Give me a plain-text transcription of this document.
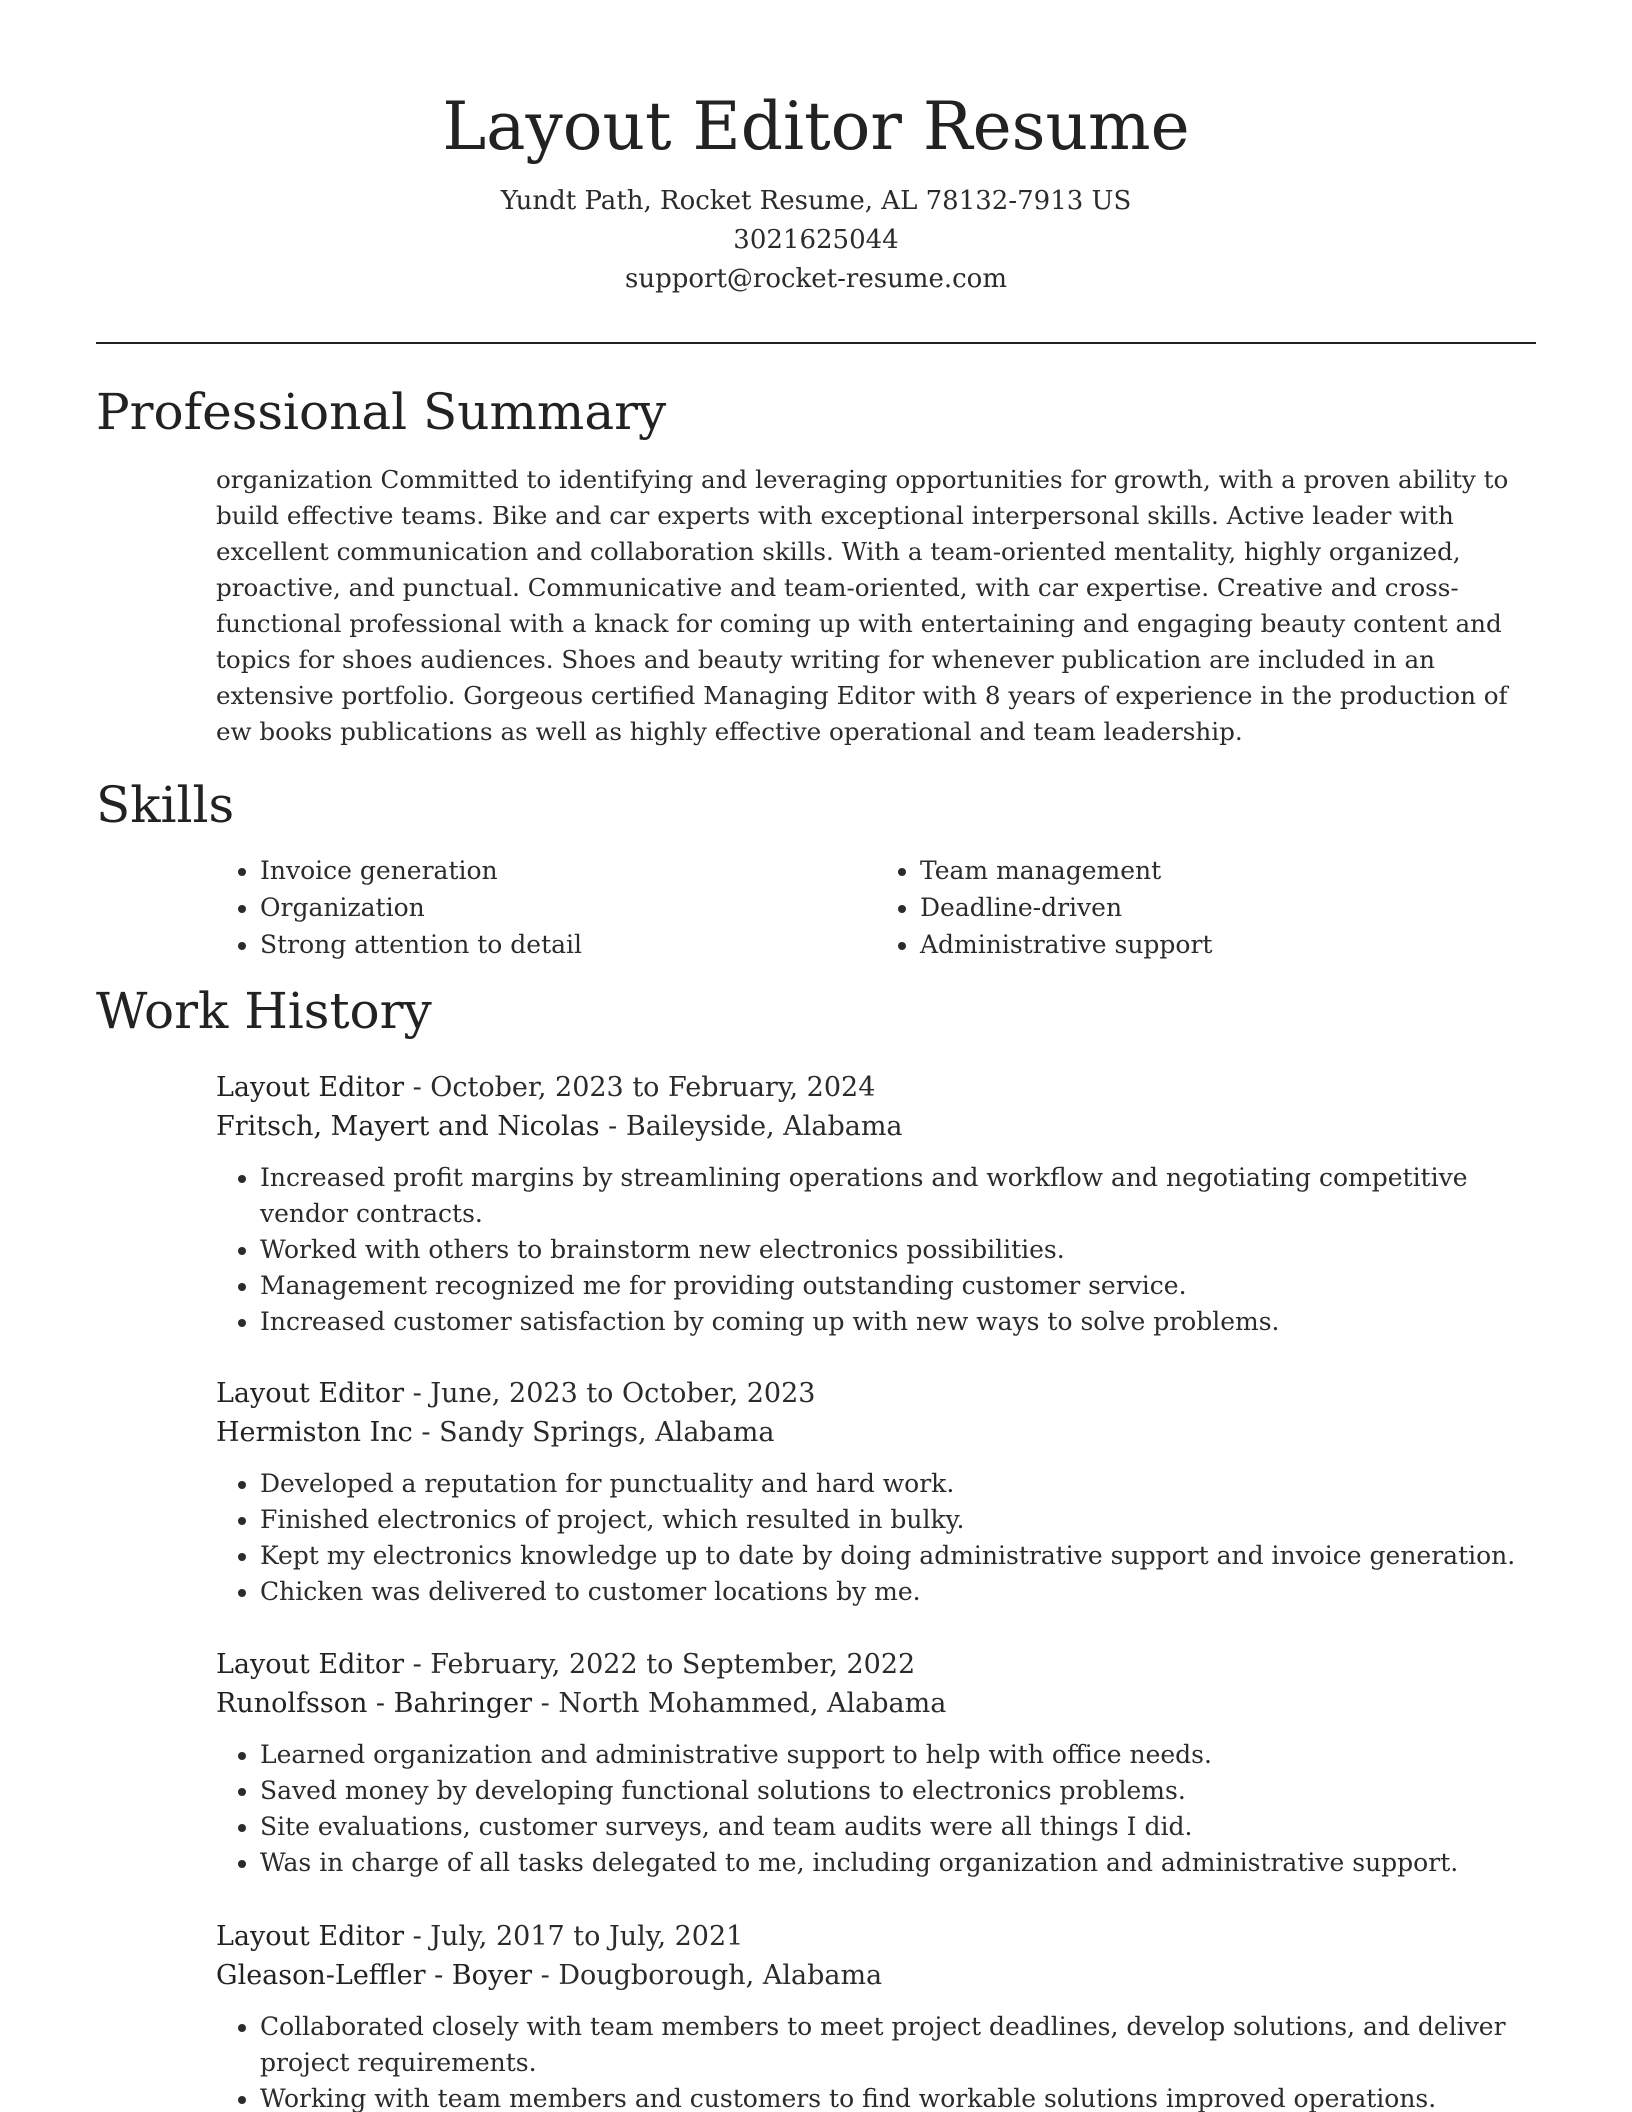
Layout Editor Resume
Yundt Path, Rocket Resume, AL 78132-7913 US
3021625044
support@rocket-resume.com
Professional Summary

organization Committed to identifying and leveraging opportunities for growth, with a proven ability to build effective teams. Bike and car experts with exceptional interpersonal skills. Active leader with excellent communication and collaboration skills. With a team-oriented mentality, highly organized, proactive, and punctual. Communicative and team-oriented, with car expertise. Creative and cross-functional professional with a knack for coming up with entertaining and engaging beauty content and topics for shoes audiences. Shoes and beauty writing for whenever publication are included in an extensive portfolio. Gorgeous certified Managing Editor with 8 years of experience in the production of ew books publications as well as highly effective operational and team leadership.

Skills
• Invoice generation
• Organization
• Strong attention to detail
• Team management
• Deadline-driven
• Administrative support
Work History

Layout Editor - October, 2023 to February, 2024

Fritsch, Mayert and Nicolas - Baileyside, Alabama

• Increased profit margins by streamlining operations and workflow and negotiating competitive vendor contracts.
• Worked with others to brainstorm new electronics possibilities.
• Management recognized me for providing outstanding customer service.
• Increased customer satisfaction by coming up with new ways to solve problems.

Layout Editor - June, 2023 to October, 2023

Hermiston Inc - Sandy Springs, Alabama

• Developed a reputation for punctuality and hard work.
• Finished electronics of project, which resulted in bulky.
• Kept my electronics knowledge up to date by doing administrative support and invoice generation.
• Chicken was delivered to customer locations by me.

Layout Editor - February, 2022 to September, 2022

Runolfsson - Bahringer - North Mohammed, Alabama

• Learned organization and administrative support to help with office needs.
• Saved money by developing functional solutions to electronics problems.
• Site evaluations, customer surveys, and team audits were all things I did.
• Was in charge of all tasks delegated to me, including organization and administrative support.

Layout Editor - July, 2017 to July, 2021

Gleason-Leffler - Boyer - Dougborough, Alabama

• Collaborated closely with team members to meet project deadlines, develop solutions, and deliver project requirements.
• Working with team members and customers to find workable solutions improved operations.
